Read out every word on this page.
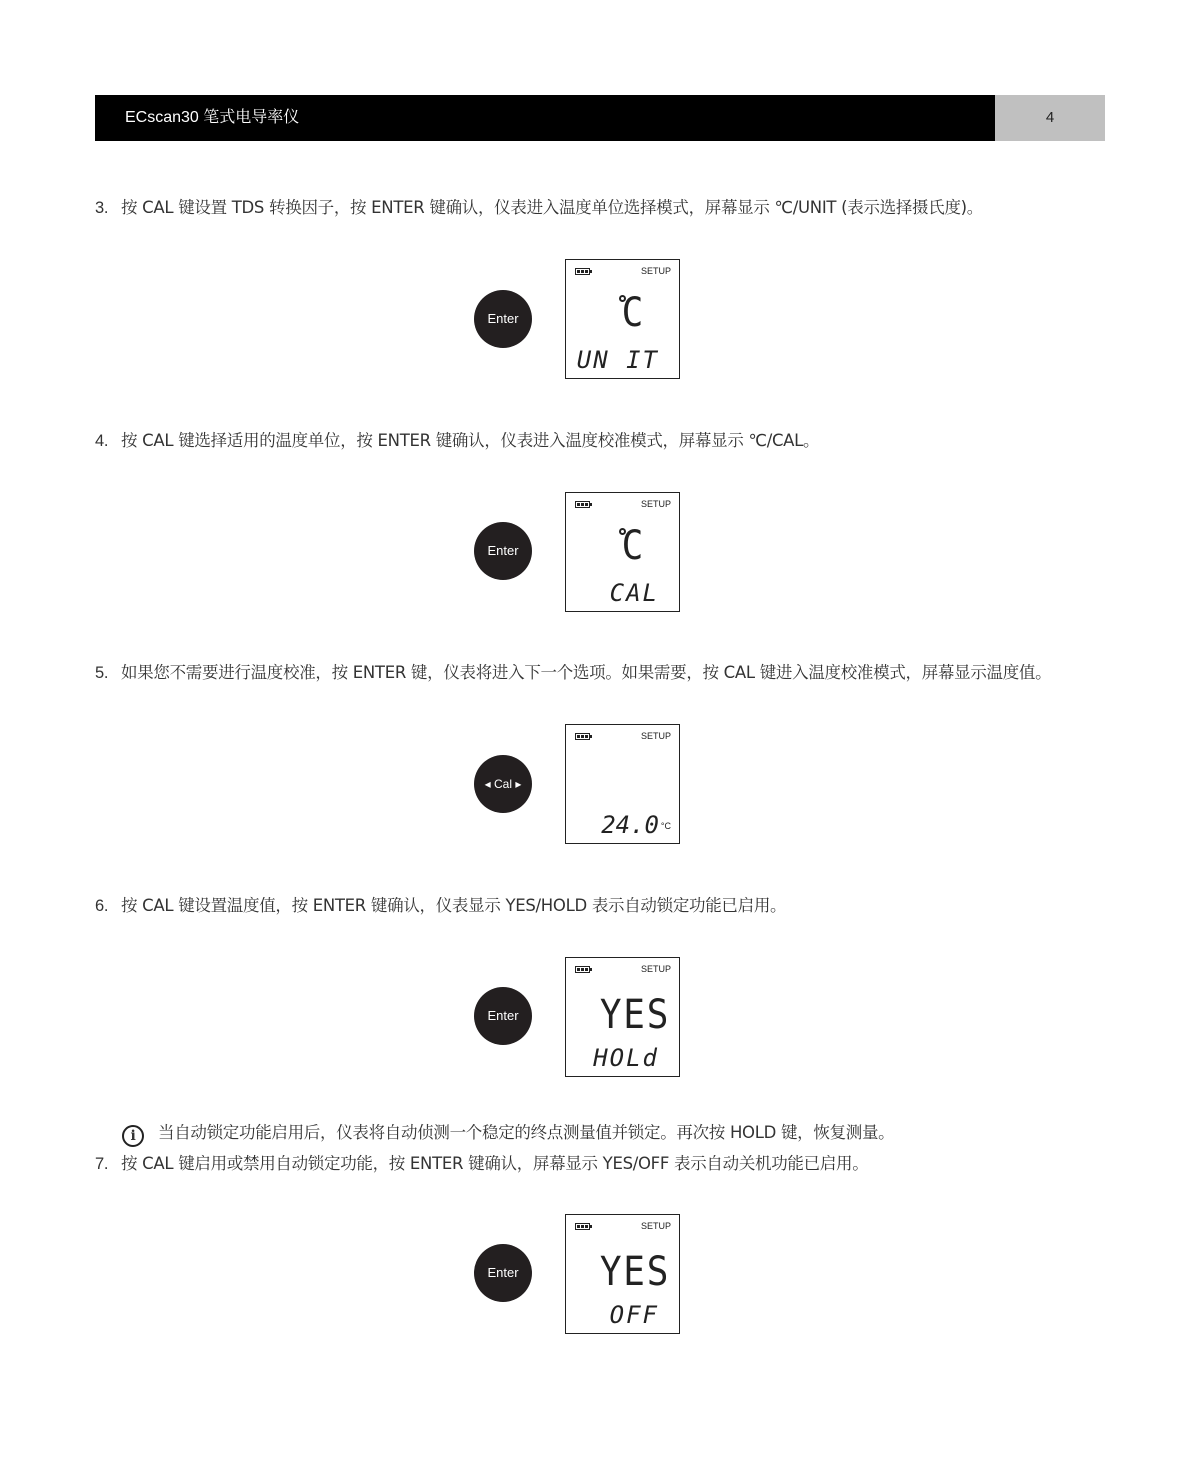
ECscan30 笔式电导率仪	4
3. 按 CAL 键设置 TDS 转换因子，按 ENTER 键确认，仪表进入温度单位选择模式，屏幕显示 ℃/UNIT (表示选择摄氏度)。
Enter
SETUP
C
UN IT
4. 按 CAL 键选择适用的温度单位，按 ENTER 键确认，仪表进入温度校准模式，屏幕显示 ℃/CAL。
Enter
SETUP
C
CAL
5. 如果您不需要进行温度校准，按 ENTER 键，仪表将进入下一个选项。如果需要，按 CAL 键进入温度校准模式，屏幕显示温度值。
◂ Cal ▸
SETUP
24.0 °C
6. 按 CAL 键设置温度值，按 ENTER 键确认，仪表显示 YES/HOLD 表示自动锁定功能已启用。
Enter
SETUP
YES
HOLd
i 当自动锁定功能启用后，仪表将自动侦测一个稳定的终点测量值并锁定。再次按 HOLD 键，恢复测量。
7. 按 CAL 键启用或禁用自动锁定功能，按 ENTER 键确认，屏幕显示 YES/OFF 表示自动关机功能已启用。
Enter
SETUP
YES
OFF
